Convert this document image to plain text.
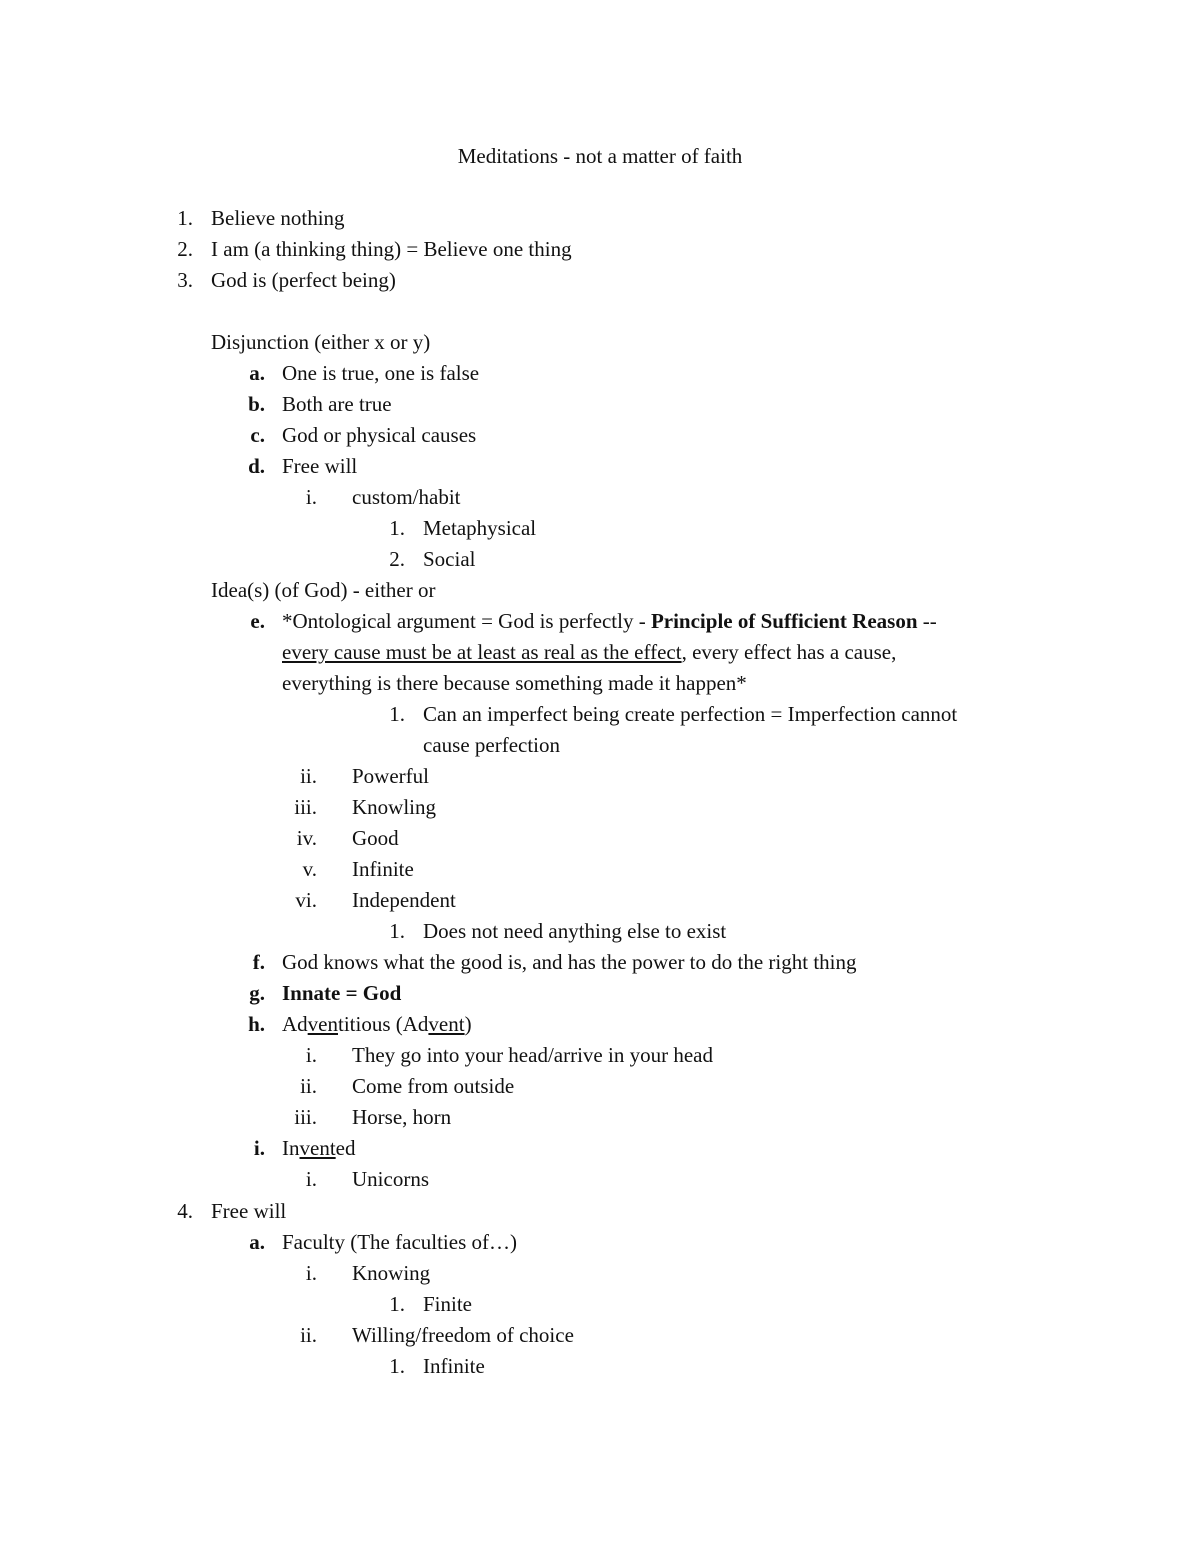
Meditations - not a matter of faith
1. Believe nothing
2. I am (a thinking thing) = Believe one thing
3. God is (perfect being)
Disjunction (either x or y)
a. One is true, one is false
b. Both are true
c. God or physical causes
d. Free will
i. custom/habit
1. Metaphysical
2. Social
Idea(s) (of God) - either or
e. *Ontological argument = God is perfectly - Principle of Sufficient Reason --
every cause must be at least as real as the effect, every effect has a cause,
everything is there because something made it happen*
1. Can an imperfect being create perfection = Imperfection cannot
cause perfection
ii. Powerful
iii. Knowling
iv. Good
v. Infinite
vi. Independent
1. Does not need anything else to exist
f. God knows what the good is, and has the power to do the right thing
g. Innate = God
h. Adventitious (Advent)
i. They go into your head/arrive in your head
ii. Come from outside
iii. Horse, horn
i. Invented
i. Unicorns
4. Free will
a. Faculty (The faculties of…)
i. Knowing
1. Finite
ii. Willing/freedom of choice
1. Infinite
